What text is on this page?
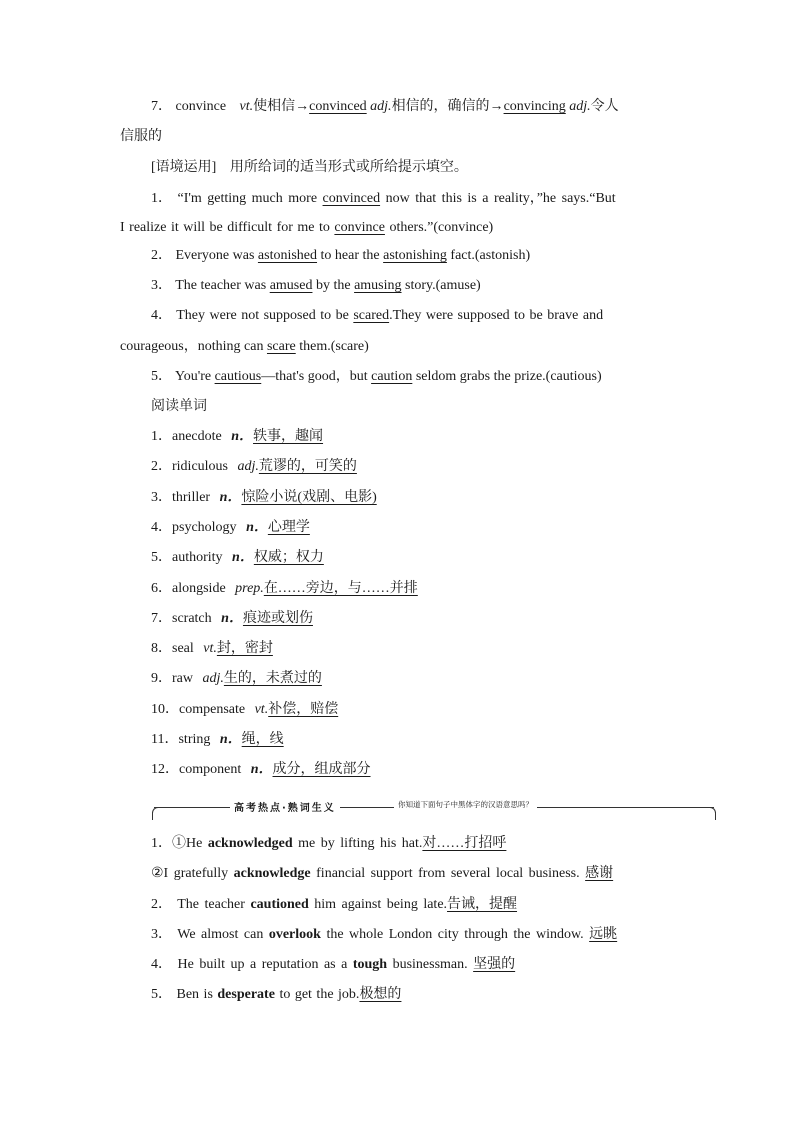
7． convince vt.使相信→convinced adj.相信的，确信的→convincing adj.令人
信服的
[语境运用] 用所给词的适当形式或所给提示填空。
1． “I'm getting much more convinced now that this is a reality，”he says.“But
I realize it will be difficult for me to convince others.”(convince)
2． Everyone was astonished to hear the astonishing fact.(astonish)
3． The teacher was amused by the amusing story.(amuse)
4． They were not supposed to be scared.They were supposed to be brave and
courageous，nothing can scare them.(scare)
5． You're cautious—that's good，but caution seldom grabs the prize.(cautious)
阅读单词
1．anecdote n．轶事，趣闻
2．ridiculous adj.荒谬的，可笑的
3．thriller n．惊险小说(戏剧、电影)
4．psychology n．心理学
5．authority n．权威；权力
6．alongside prep.在……旁边，与……并排
7．scratch n．痕迹或划伤
8．seal vt.封，密封
9．raw adj.生的，未煮过的
10．compensate vt.补偿，赔偿
11．string n．绳，线
12．component n．成分，组成部分
高考热点·熟词生义	你知道下面句子中黑体字的汉语意思吗？
1．①He acknowledged me by lifting his hat.对……打招呼
②I gratefully acknowledge financial support from several local business. 感谢
2． The teacher cautioned him against being late.告诫，提醒
3． We almost can overlook the whole London city through the window. 远眺
4． He built up a reputation as a tough businessman. 坚强的
5． Ben is desperate to get the job.极想的
